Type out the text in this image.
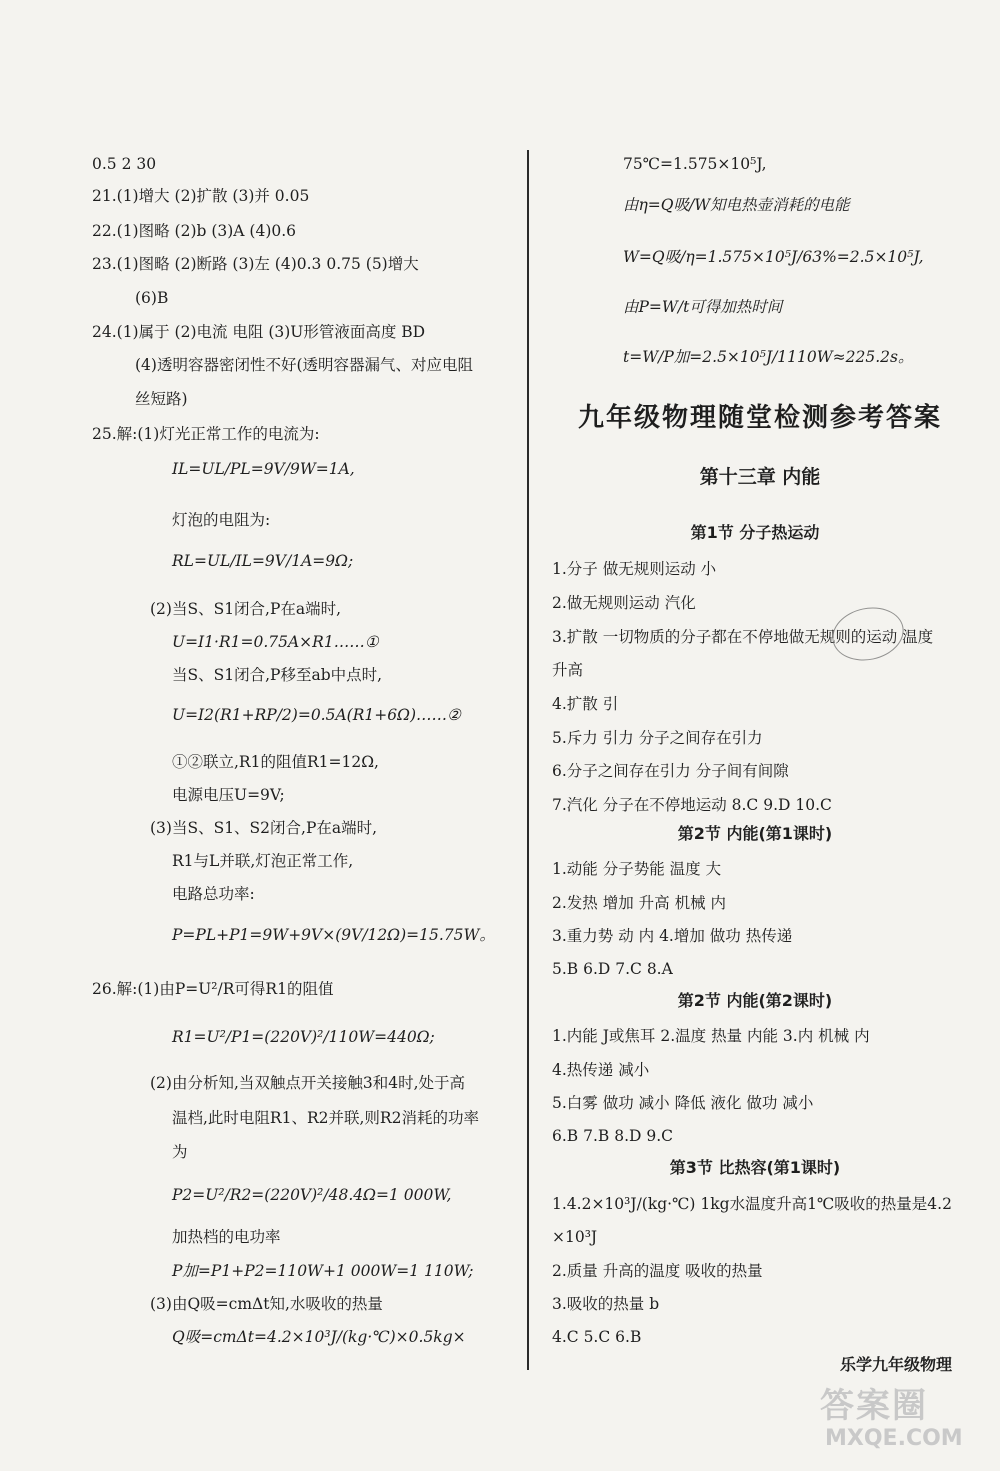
0.5 2 30
21.(1)增大 (2)扩散 (3)并 0.05
22.(1)图略 (2)b (3)A (4)0.6
23.(1)图略 (2)断路 (3)左 (4)0.3 0.75 (5)增大
(6)B
24.(1)属于 (2)电流 电阻 (3)U形管液面高度 BD
(4)透明容器密闭性不好(透明容器漏气、对应电阻
丝短路)
25.解:(1)灯光正常工作的电流为:
IL=UL/PL=9V/9W=1A,
灯泡的电阻为:
RL=UL/IL=9V/1A=9Ω;
(2)当S、S1闭合,P在a端时,
U=I1·R1=0.75A×R1……①
当S、S1闭合,P移至ab中点时,
U=I2(R1+RP/2)=0.5A(R1+6Ω)……②
①②联立,R1的阻值R1=12Ω,
电源电压U=9V;
(3)当S、S1、S2闭合,P在a端时,
R1与L并联,灯泡正常工作,
电路总功率:
P=PL+P1=9W+9V×(9V/12Ω)=15.75W。
26.解:(1)由P=U²/R可得R1的阻值
R1=U²/P1=(220V)²/110W=440Ω;
(2)由分析知,当双触点开关接触3和4时,处于高
温档,此时电阻R1、R2并联,则R2消耗的功率
为
P2=U²/R2=(220V)²/48.4Ω=1 000W,
加热档的电功率
P加=P1+P2=110W+1 000W=1 110W;
(3)由Q吸=cmΔt知,水吸收的热量
Q吸=cmΔt=4.2×10³J/(kg·℃)×0.5kg×
75℃=1.575×10⁵J,
由η=Q吸/W知电热壶消耗的电能
W=Q吸/η=1.575×10⁵J/63%=2.5×10⁵J,
由P=W/t可得加热时间
t=W/P加=2.5×10⁵J/1110W≈225.2s。
九年级物理随堂检测参考答案
第十三章 内能
第1节 分子热运动
1.分子 做无规则运动 小
2.做无规则运动 汽化
3.扩散 一切物质的分子都在不停地做无规则的运动 温度
升高
4.扩散 引
5.斥力 引力 分子之间存在引力
6.分子之间存在引力 分子间有间隙
7.汽化 分子在不停地运动 8.C 9.D 10.C
第2节 内能(第1课时)
1.动能 分子势能 温度 大
2.发热 增加 升高 机械 内
3.重力势 动 内 4.增加 做功 热传递
5.B 6.D 7.C 8.A
第2节 内能(第2课时)
1.内能 J或焦耳 2.温度 热量 内能 3.内 机械 内
4.热传递 减小
5.白雾 做功 减小 降低 液化 做功 减小
6.B 7.B 8.D 9.C
第3节 比热容(第1课时)
1.4.2×10³J/(kg·℃) 1kg水温度升高1℃吸收的热量是4.2
×10³J
2.质量 升高的温度 吸收的热量
3.吸收的热量 b
4.C 5.C 6.B
乐学九年级物理
答案圈
MXQE.COM
